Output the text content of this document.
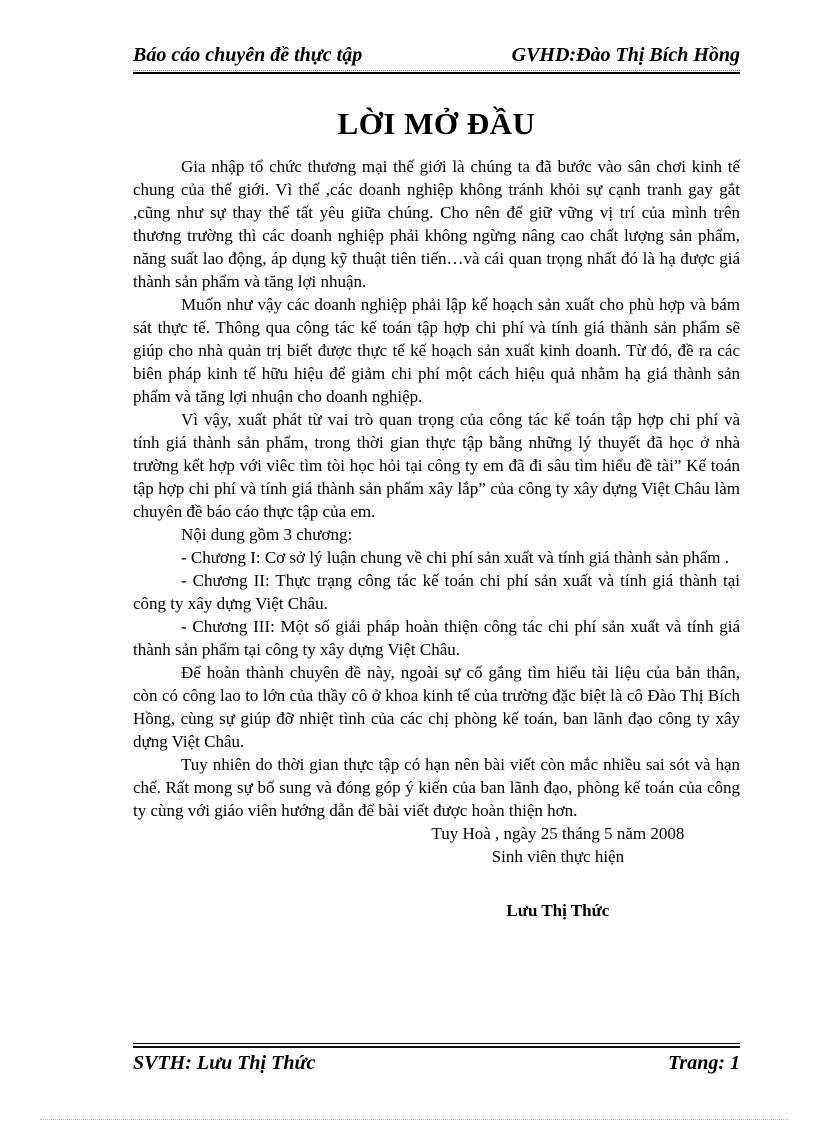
Báo cáo chuyên đề thực tập	GVHD:Đào Thị Bích Hồng
LỜI MỞ ĐẦU

Gia nhập tổ chức thương mại thế giới là chúng ta đã bước vào sân chơi kinh tế chung của thế giới. Vì thế ,các doanh nghiệp không tránh khỏi sự cạnh tranh gay gắt ,cũng như sự thay thế tất yêu giữa chúng. Cho nên để giữ vững vị trí của mình trên thương trường thì các doanh nghiệp phải không ngừng nâng cao chất lượng sản phẩm, năng suất lao động, áp dụng kỹ thuật tiên tiến…và cái quan trọng nhất đó là hạ được giá thành sản phẩm và tăng lợi nhuận.

Muốn như vậy các doanh nghiệp phải lập kế hoạch sản xuất cho phù hợp và bám sát thực tế. Thông qua công tác kế toán tập hợp chi phí và tính giá thành sản phẩm sẽ giúp cho nhà quản trị biết được thực tế kế hoạch sản xuất kinh doanh. Từ đó, đề ra các biên pháp kinh tế hữu hiệu để giảm chi phí một cách hiệu quả nhằm hạ giá thành sản phẩm và tăng lợi nhuận cho doanh nghiệp.

Vì vậy, xuất phát từ vai trò quan trọng của công tác kế toán tập hợp chi phí và tính giá thành sản phẩm, trong thời gian thực tập bằng những lý thuyết đã học ở nhà trường kết hợp với viêc tìm tòi học hỏi tại công ty em đã đi sâu tìm hiểu đề tài” Kế toán tập hợp chi phí và tính giá thành sản phẩm xây lắp” của công ty xây dựng Việt Châu làm chuyên đề báo cáo thực tập của em.

Nội dung gồm 3 chương:

- Chương I: Cơ sở lý luận chung về chi phí sản xuất và tính giá thành sản phẩm .

- Chương II: Thực trạng công tác kế toán chi phí sản xuất và tính giá thành tại công ty xây dựng Việt Châu.

- Chương III: Một số giải pháp hoàn thiện công tác chi phí sản xuất và tính giá thành sản phẩm tại công ty xây dựng Việt Châu.

Để hoàn thành chuyên đề này, ngoài sự cố gắng tìm hiểu tài liệu của bản thân, còn có công lao to lớn của thầy cô ở khoa kinh tế của trường đặc biệt là cô Đào Thị Bích Hồng, cùng sự giúp đỡ nhiệt tình của các chị phòng kế toán, ban lãnh đạo công ty xây dựng Việt Châu.

Tuy nhiên do thời gian thực tập có hạn nên bài viết còn mắc nhiều sai sót và hạn chế. Rất mong sự bổ sung và đóng góp ý kiến của ban lãnh đạo, phòng kế toán của công ty cùng với giáo viên hướng dẫn để bài viết được hoàn thiện hơn.

Tuy Hoà , ngày 25 tháng 5 năm 2008
Sinh viên thực hiện
Lưu Thị Thức
SVTH: Lưu Thị Thức	Trang: 1
